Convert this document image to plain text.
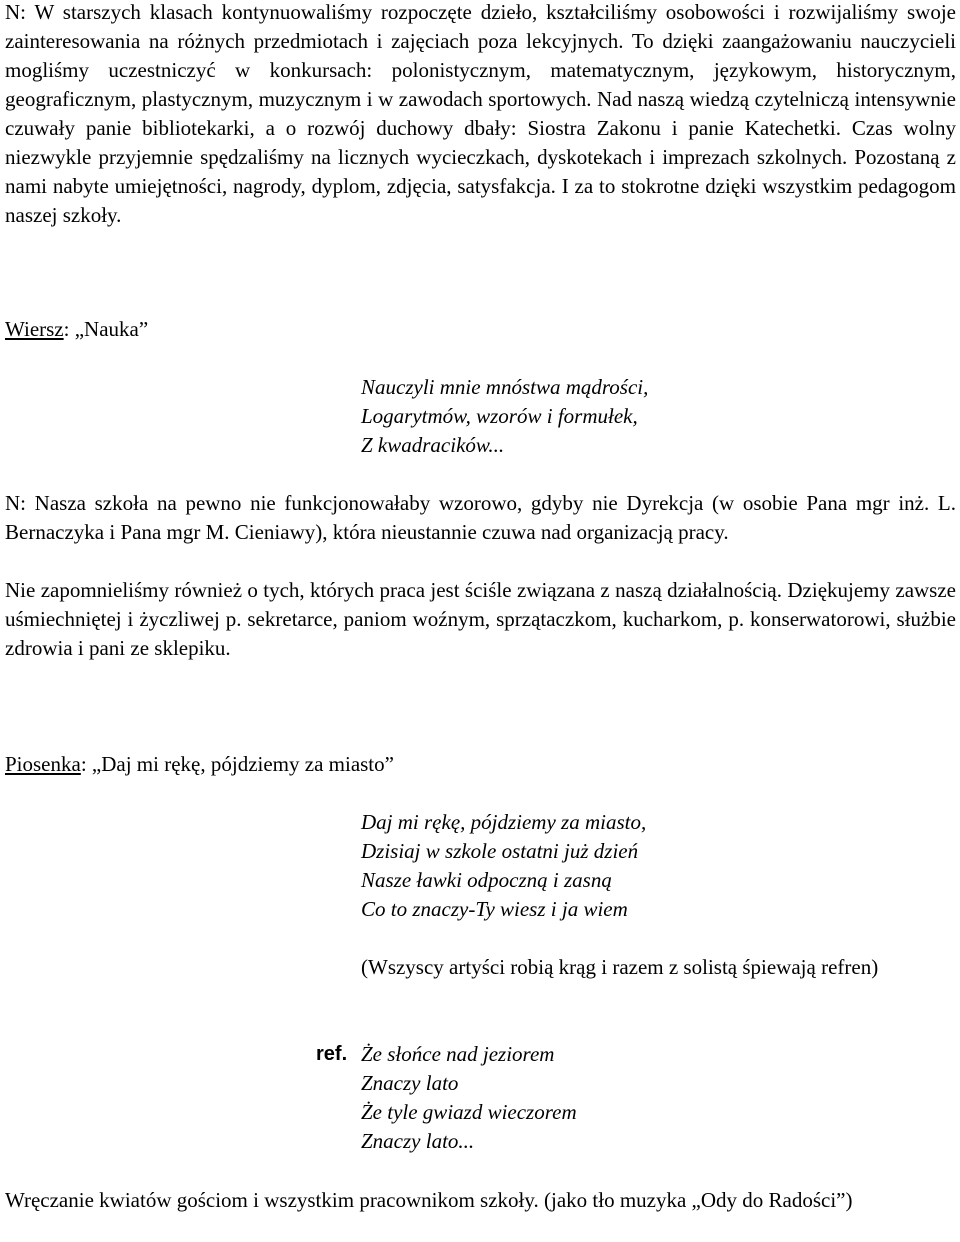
N: W starszych klasach kontynuowaliśmy rozpoczęte dzieło, kształciliśmy osobowości i rozwijaliśmy swoje zainteresowania na różnych przedmiotach i zajęciach poza lekcyjnych. To dzięki zaangażowaniu nauczycieli mogliśmy uczestniczyć w konkursach: polonistycznym, matematycznym, językowym, historycznym, geograficznym, plastycznym, muzycznym i w zawodach sportowych. Nad naszą wiedzą czytelniczą intensywnie czuwały panie bibliotekarki, a o rozwój duchowy dbały: Siostra Zakonu i panie Katechetki. Czas wolny niezwykle przyjemnie spędzaliśmy na licznych wycieczkach, dyskotekach i imprezach szkolnych. Pozostaną z nami nabyte umiejętności, nagrody, dyplom, zdjęcia, satysfakcja. I za to stokrotne dzięki wszystkim pedagogom naszej szkoły.

Wiersz: „Nauka”

Nauczyli mnie mnóstwa mądrości,
Logarytmów, wzorów i formułek,
Z kwadracików...

N: Nasza szkoła na pewno nie funkcjonowałaby wzorowo, gdyby nie Dyrekcja (w osobie Pana mgr inż. L. Bernaczyka i Pana mgr M. Cieniawy), która nieustannie czuwa nad organizacją pracy.

Nie zapomnieliśmy również o tych, których praca jest ściśle związana z naszą działalnością. Dziękujemy zawsze uśmiechniętej i życzliwej p. sekretarce, paniom woźnym, sprzątaczkom, kucharkom, p. konserwatorowi, służbie zdrowia i pani ze sklepiku.

Piosenka: „Daj mi rękę, pójdziemy za miasto”

Daj mi rękę, pójdziemy za miasto,
Dzisiaj w szkole ostatni już dzień
Nasze ławki odpoczną i zasną
Co to znaczy-Ty wiesz i ja wiem

(Wszyscy artyści robią krąg i razem z solistą śpiewają refren)

ref. Że słońce nad jeziorem
Znaczy lato
Że tyle gwiazd wieczorem
Znaczy lato...

Wręczanie kwiatów gościom i wszystkim pracownikom szkoły. (jako tło muzyka „Ody do Radości”)
